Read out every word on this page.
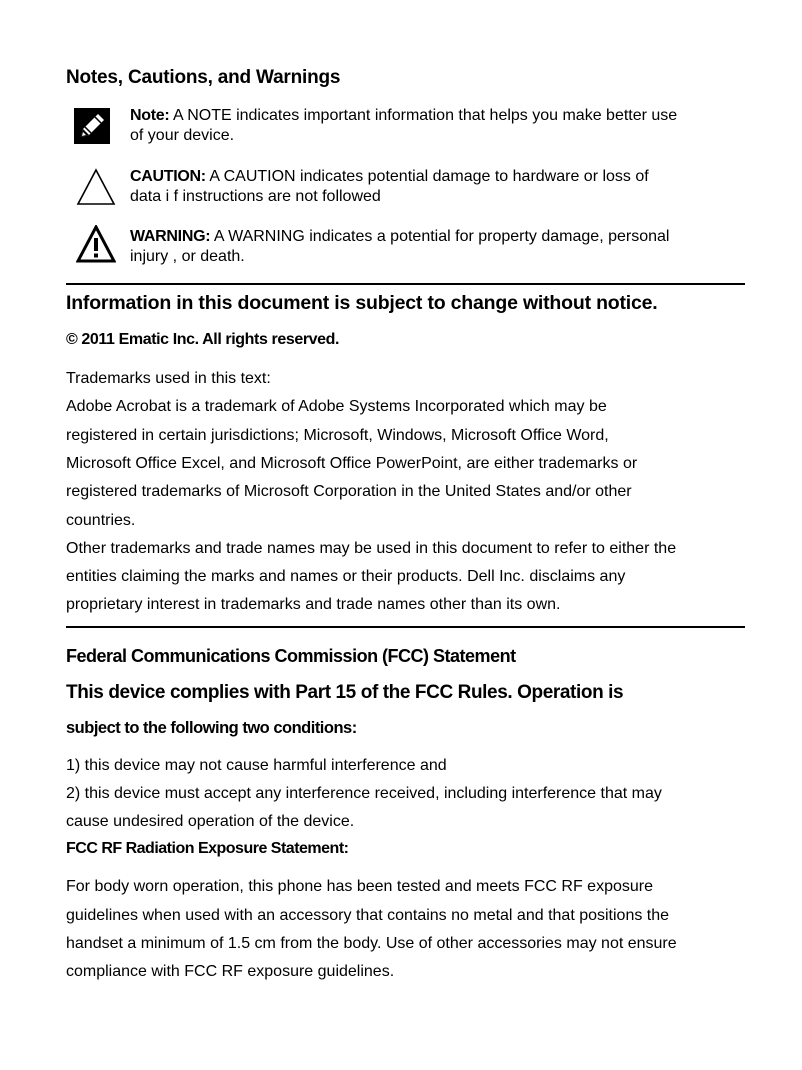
Notes, Cautions, and Warnings
Note: A NOTE indicates important information that helps you make better use
of your device.
CAUTION: A CAUTION indicates potential damage to hardware or loss of
data i f instructions are not followed
WARNING: A WARNING indicates a potential for property damage, personal
injury , or death.
Information in this document is subject to change without notice.
© 2011 Ematic Inc. All rights reserved.
Trademarks used in this text:
Adobe Acrobat is a trademark of Adobe Systems Incorporated which may be
registered in certain jurisdictions; Microsoft, Windows, Microsoft Office Word,
Microsoft Office Excel, and Microsoft Office PowerPoint, are either trademarks or
registered trademarks of Microsoft Corporation in the United States and/or other
countries.
Other trademarks and trade names may be used in this document to refer to either the
entities claiming the marks and names or their products. Dell Inc. disclaims any
proprietary interest in trademarks and trade names other than its own.
Federal Communications Commission (FCC) Statement
This device complies with Part 15 of the FCC Rules. Operation is
subject to the following two conditions:
1) this device may not cause harmful interference and
2) this device must accept any interference received, including interference that may
cause undesired operation of the device.
FCC RF Radiation Exposure Statement:
For body worn operation, this phone has been tested and meets FCC RF exposure
guidelines when used with an accessory that contains no metal and that positions the
handset a minimum of 1.5 cm from the body. Use of other accessories may not ensure
compliance with FCC RF exposure guidelines.
